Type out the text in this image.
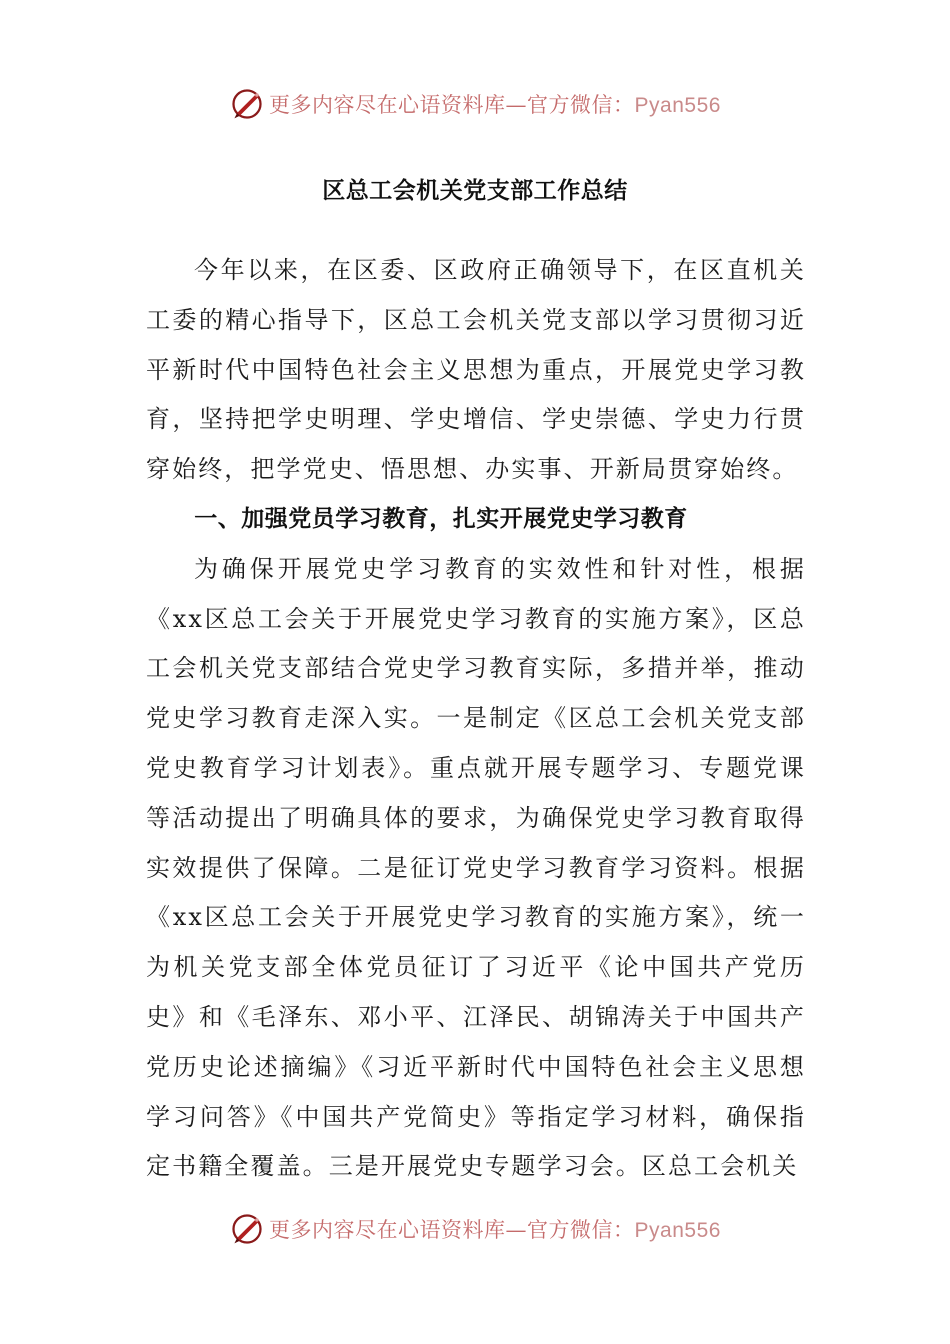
更多内容尽在心语资料库—官方微信：Pyan556
区总工会机关党支部工作总结

今年以来，在区委、区政府正确领导下，在区直机关工委的精心指导下，区总工会机关党支部以学习贯彻习近平新时代中国特色社会主义思想为重点，开展党史学习教育，坚持把学史明理、学史增信、学史崇德、学史力行贯穿始终，把学党史、悟思想、办实事、开新局贯穿始终。

一、加强党员学习教育，扎实开展党史学习教育

为确保开展党史学习教育的实效性和针对性，根据《xx区总工会关于开展党史学习教育的实施方案》，区总工会机关党支部结合党史学习教育实际，多措并举，推动党史学习教育走深入实。一是制定《区总工会机关党支部党史教育学习计划表》。重点就开展专题学习、专题党课等活动提出了明确具体的要求，为确保党史学习教育取得实效提供了保障。二是征订党史学习教育学习资料。根据《xx区总工会关于开展党史学习教育的实施方案》，统一为机关党支部全体党员征订了习近平《论中国共产党历史》和《毛泽东、邓小平、江泽民、胡锦涛关于中国共产党历史论述摘编》《习近平新时代中国特色社会主义思想学习问答》《中国共产党简史》等指定学习材料，确保指定书籍全覆盖。三是开展党史专题学习会。区总工会机关

更多内容尽在心语资料库—官方微信：Pyan556
